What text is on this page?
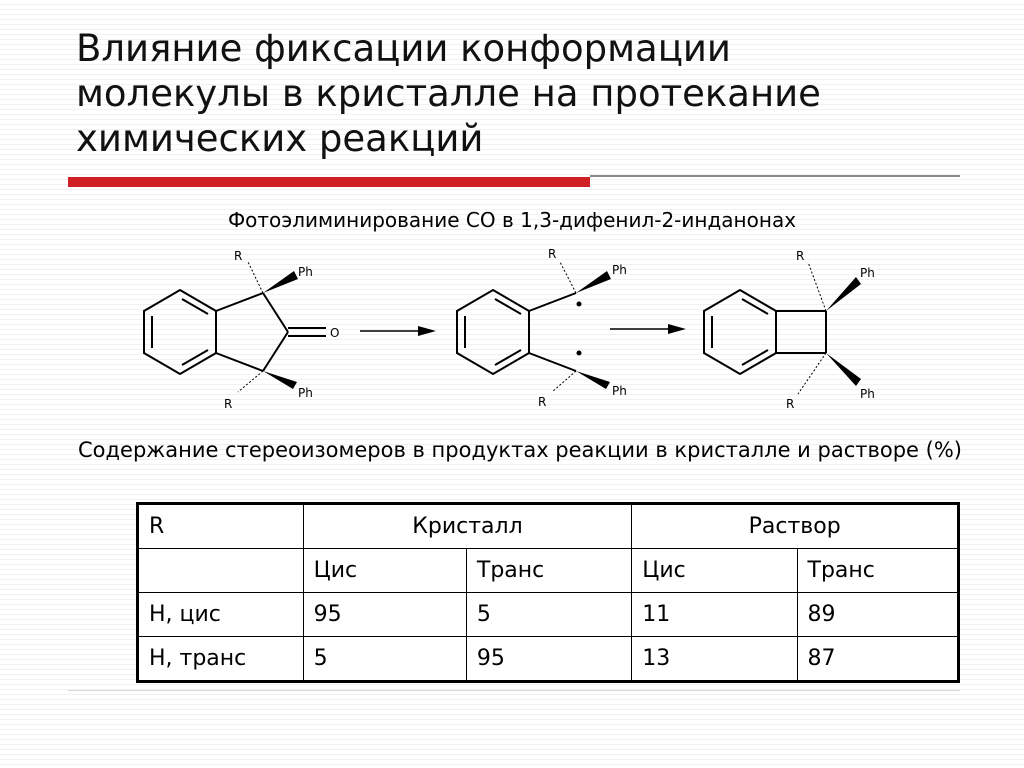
Влияние фиксации конформации
молекулы в кристалле на протекание
химических реакций
Фотоэлиминирование CO в 1,3-дифенил-2-инданонах
R
Ph
R
Ph
O
R
Ph
R
Ph
R
Ph
R
Ph
Содержание стереоизомеров в продуктах реакции в кристалле и растворе (%)
R	Кристалл		Раствор	
	Цис	Транс	Цис	Транс
H, цис	95	5	11	89
H, транс	5	95	13	87
